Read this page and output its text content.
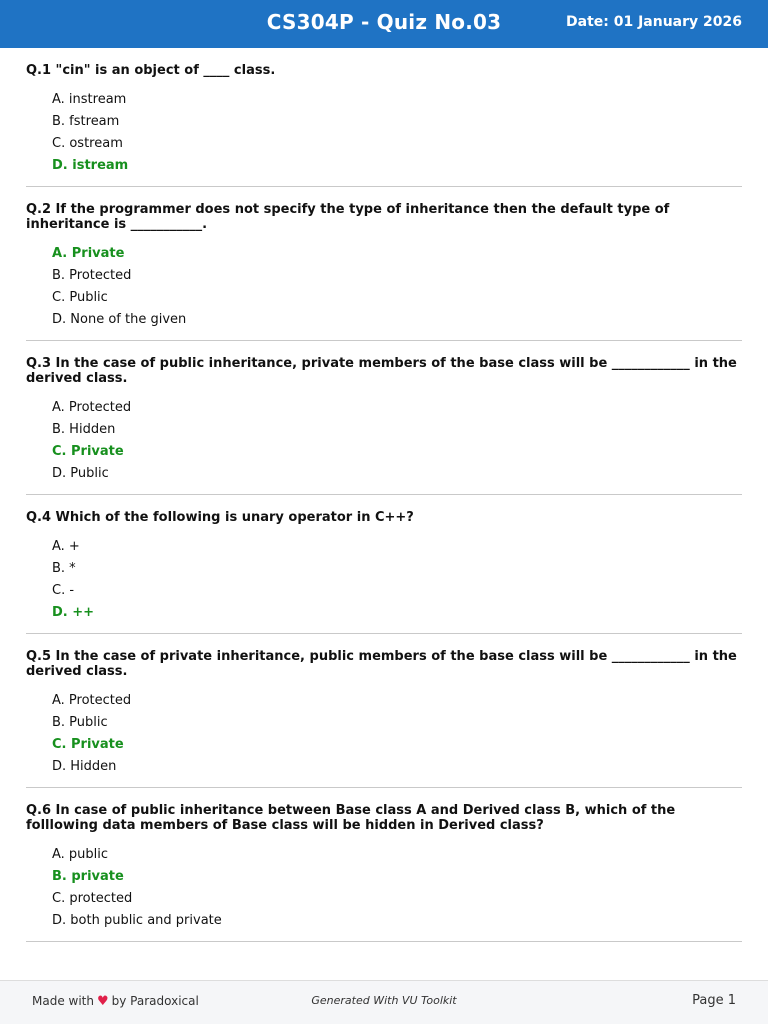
CS304P - Quiz No.03	Date: 01 January 2026
Q.1 "cin" is an object of ____ class.
A. instream
B. fstream
C. ostream
D. istream
Q.2 If the programmer does not specify the type of inheritance then the default type of inheritance is ___________.
A. Private
B. Protected
C. Public
D. None of the given
Q.3 In the case of public inheritance, private members of the base class will be ____________ in the derived class.
A. Protected
B. Hidden
C. Private
D. Public
Q.4 Which of the following is unary operator in C++?
A. +
B. *
C. -
D. ++
Q.5 In the case of private inheritance, public members of the base class will be ____________ in the derived class.
A. Protected
B. Public
C. Private
D. Hidden
Q.6 In case of public inheritance between Base class A and Derived class B, which of the folllowing data members of Base class will be hidden in Derived class?
A. public
B. private
C. protected
D. both public and private
Made with ♥ by Paradoxical	Generated With VU Toolkit	Page 1
